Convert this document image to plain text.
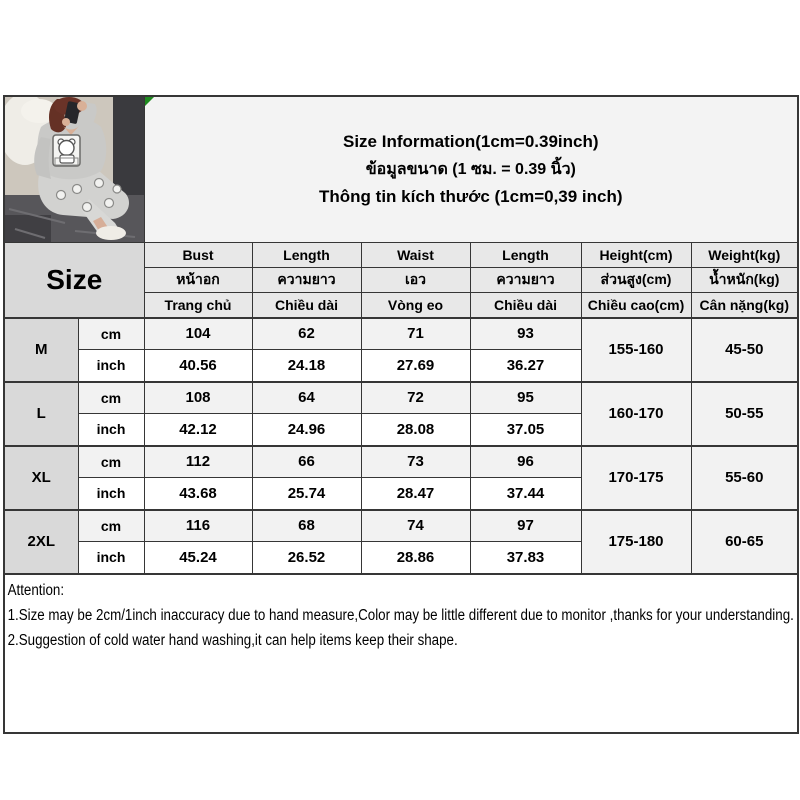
Size Information(1cm=0.39inch)
ข้อมูลขนาด (1 ซม. = 0.39 นิ้ว)
Thông tin kích thước (1cm=0,39 inch)					

Size		Bust	Length	Waist	Length	Height(cm)	Weight(kg)
		หน้าอก	ความยาว	เอว	ความยาว	ส่วนสูง(cm)	น้ำหนัก(kg)
		Trang chủ	Chiều dài	Vòng eo	Chiều dài	Chiều cao(cm)	Cân nặng(kg)
M	cm	104	62	71	93	155-160	45-50
	inch	40.56	24.18	27.69	36.27		
L	cm	108	64	72	95	160-170	50-55
	inch	42.12	24.96	28.08	37.05		
XL	cm	112	66	73	96	170-175	55-60
	inch	43.68	25.74	28.47	37.44		
2XL	cm	116	68	74	97	175-180	60-65
	inch	45.24	26.52	28.86	37.83		

Attention:
1.Size may be 2cm/1inch inaccuracy due to hand measure,Color may be little different due to monitor ,thanks for your understanding.
2.Suggestion of cold water hand washing,it can help items keep their shape.							
